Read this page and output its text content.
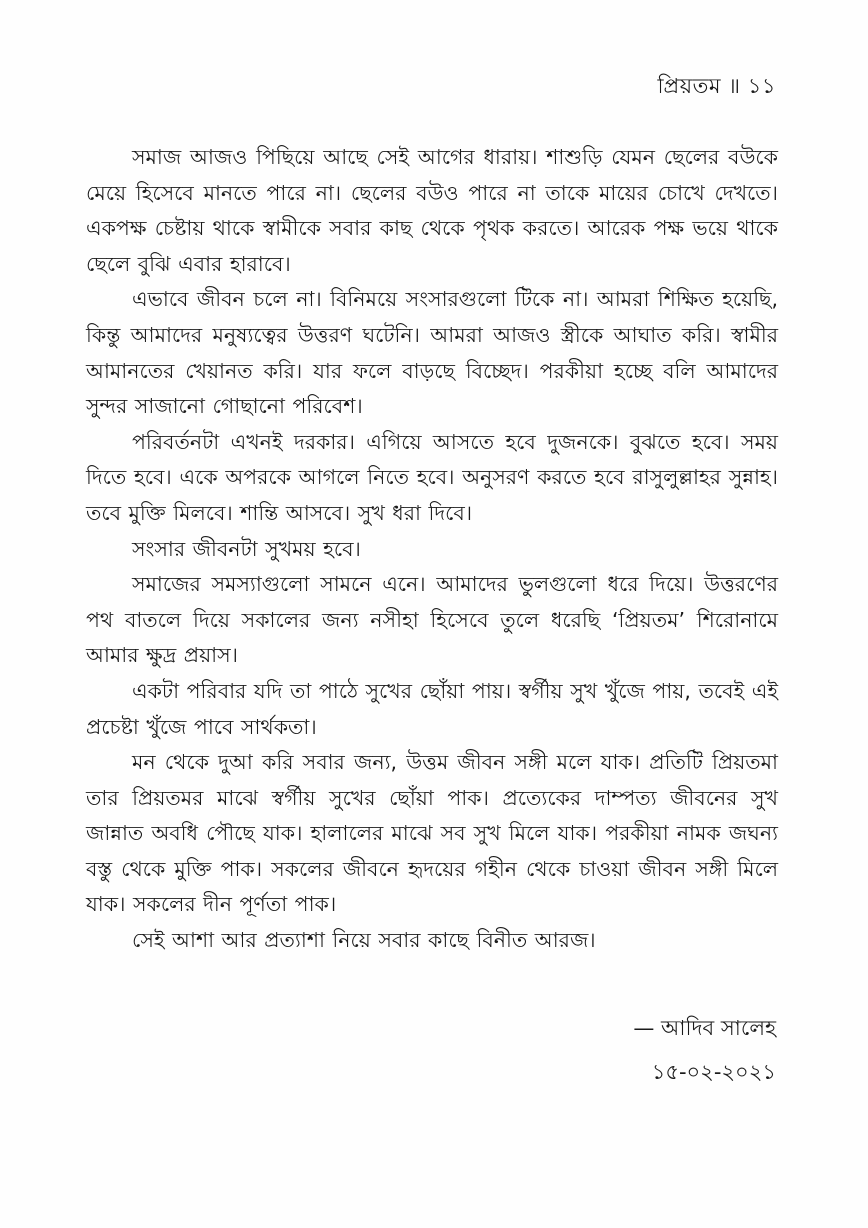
প্রিয়তম ॥ ১১

সমাজ আজও পিছিয়ে আছে সেই আগের ধারায়। শাশুড়ি যেমন ছেলের বউকে মেয়ে হিসেবে মানতে পারে না। ছেলের বউও পারে না তাকে মায়ের চোখে দেখতে। একপক্ষ চেষ্টায় থাকে স্বামীকে সবার কাছ থেকে পৃথক করতে। আরেক পক্ষ ভয়ে থাকে ছেলে বুঝি এবার হারাবে।

এভাবে জীবন চলে না। বিনিময়ে সংসারগুলো টিকে না। আমরা শিক্ষিত হয়েছি, কিন্তু আমাদের মনুষ্যত্বের উত্তরণ ঘটেনি। আমরা আজও স্ত্রীকে আঘাত করি। স্বামীর আমানতের খেয়ানত করি। যার ফলে বাড়ছে বিচ্ছেদ। পরকীয়া হচ্ছে বলি আমাদের সুন্দর সাজানো গোছানো পরিবেশ।

পরিবর্তনটা এখনই দরকার। এগিয়ে আসতে হবে দুজনকে। বুঝতে হবে। সময় দিতে হবে। একে অপরকে আগলে নিতে হবে। অনুসরণ করতে হবে রাসুলুল্লাহর সুন্নাহ। তবে মুক্তি মিলবে। শান্তি আসবে। সুখ ধরা দিবে।

সংসার জীবনটা সুখময় হবে।

সমাজের সমস্যাগুলো সামনে এনে। আমাদের ভুলগুলো ধরে দিয়ে। উত্তরণের পথ বাতলে দিয়ে সকালের জন্য নসীহা হিসেবে তুলে ধরেছি ‘প্রিয়তম’ শিরোনামে আমার ক্ষুদ্র প্রয়াস।

একটা পরিবার যদি তা পাঠে সুখের ছোঁয়া পায়। স্বর্গীয় সুখ খুঁজে পায়, তবেই এই প্রচেষ্টা খুঁজে পাবে সার্থকতা।

মন থেকে দুআ করি সবার জন্য, উত্তম জীবন সঙ্গী মলে যাক। প্রতিটি প্রিয়তমা তার প্রিয়তমর মাঝে স্বর্গীয় সুখের ছোঁয়া পাক। প্রত্যেকের দাম্পত্য জীবনের সুখ জান্নাত অবধি পৌছে যাক। হালালের মাঝে সব সুখ মিলে যাক। পরকীয়া নামক জঘন্য বস্তু থেকে মুক্তি পাক। সকলের জীবনে হৃদয়ের গহীন থেকে চাওয়া জীবন সঙ্গী মিলে যাক। সকলের দীন পূর্ণতা পাক।

সেই আশা আর প্রত্যাশা নিয়ে সবার কাছে বিনীত আরজ।

— আদিব সালেহ
১৫-০২-২০২১
